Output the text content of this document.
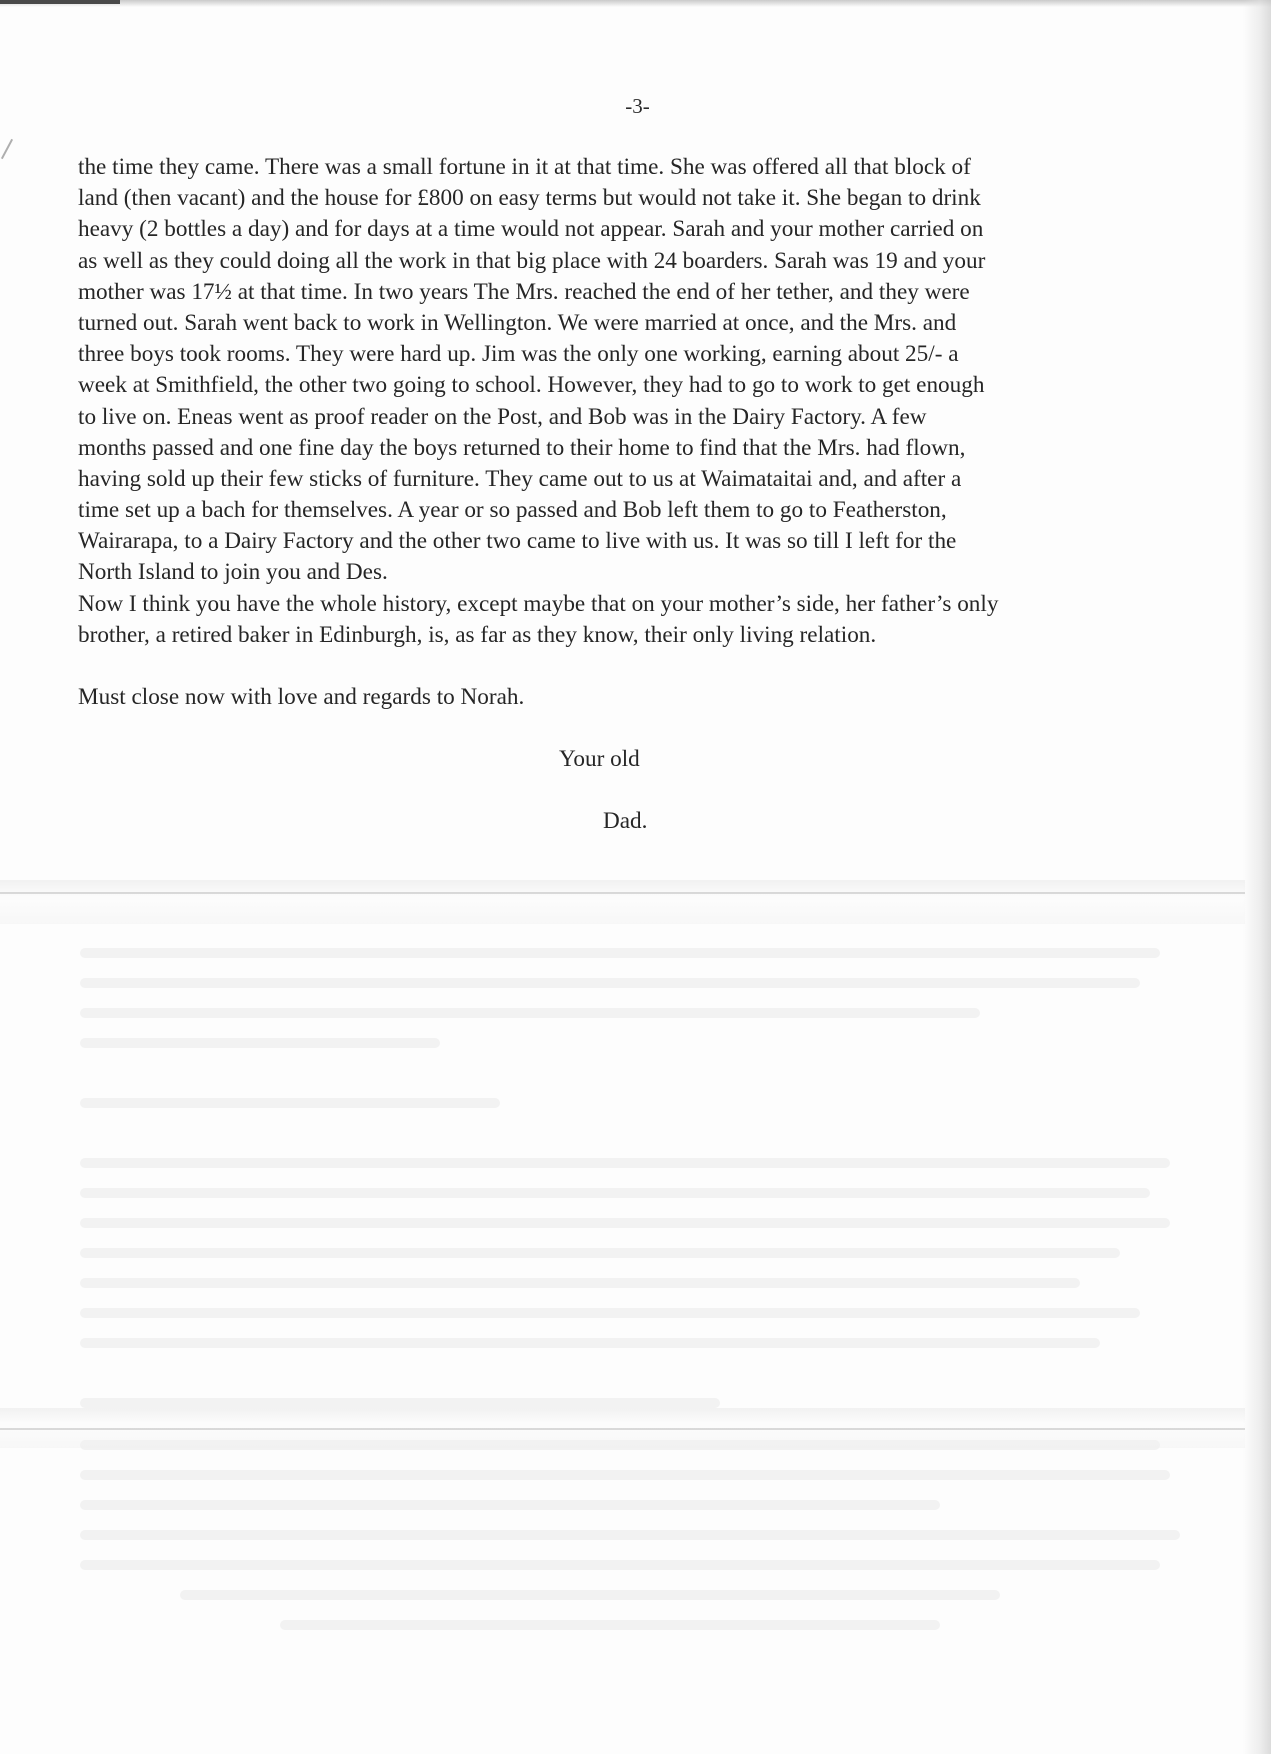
-3-
the time they came. There was a small fortune in it at that time. She was offered all that block of
land (then vacant) and the house for £800 on easy terms but would not take it. She began to drink
heavy (2 bottles a day) and for days at a time would not appear. Sarah and your mother carried on
as well as they could doing all the work in that big place with 24 boarders. Sarah was 19 and your
mother was 17½ at that time. In two years The Mrs. reached the end of her tether, and they were
turned out. Sarah went back to work in Wellington. We were married at once, and the Mrs. and
three boys took rooms. They were hard up. Jim was the only one working, earning about 25/- a
week at Smithfield, the other two going to school. However, they had to go to work to get enough
to live on. Eneas went as proof reader on the Post, and Bob was in the Dairy Factory. A few
months passed and one fine day the boys returned to their home to find that the Mrs. had flown,
having sold up their few sticks of furniture. They came out to us at Waimataitai and, and after a
time set up a bach for themselves. A year or so passed and Bob left them to go to Featherston,
Wairarapa, to a Dairy Factory and the other two came to live with us. It was so till I left for the
North Island to join you and Des.
Now I think you have the whole history, except maybe that on your mother’s side, her father’s only
brother, a retired baker in Edinburgh, is, as far as they know, their only living relation.
Must close now with love and regards to Norah.
Your old
Dad.
